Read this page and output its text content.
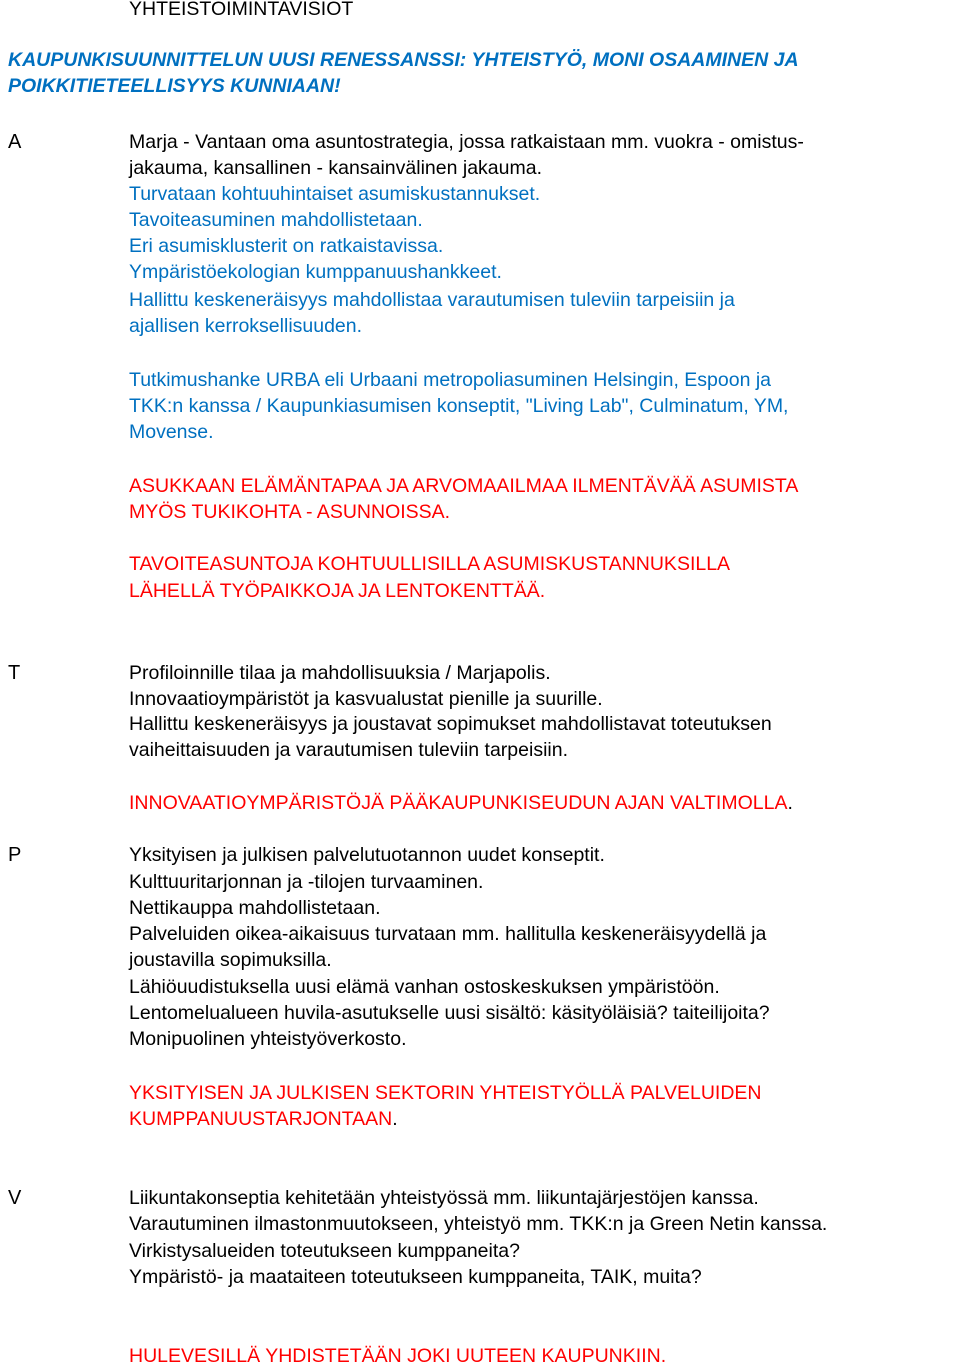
YHTEISTOIMINTAVISIOT
KAUPUNKISUUNNITTELUN UUSI RENESSANSSI: YHTEISTYÖ, MONI OSAAMINEN JA
POIKKITIETEELLISYYS KUNNIAAN!
A	Marja - Vantaan oma asuntostrategia, jossa ratkaistaan mm. vuokra - omistus-
jakauma, kansallinen - kansainvälinen jakauma.
Turvataan kohtuuhintaiset asumiskustannukset.
Tavoiteasuminen mahdollistetaan.
Eri asumisklusterit on ratkaistavissa.
Ympäristöekologian kumppanuushankkeet.
Hallittu keskeneräisyys mahdollistaa varautumisen tuleviin tarpeisiin ja
ajallisen kerroksellisuuden.
Tutkimushanke URBA eli Urbaani metropoliasuminen Helsingin, Espoon ja
TKK:n kanssa / Kaupunkiasumisen konseptit, "Living Lab", Culminatum, YM,
Movense.
ASUKKAAN ELÄMÄNTAPAA JA ARVOMAAILMAA ILMENTÄVÄÄ ASUMISTA
MYÖS TUKIKOHTA - ASUNNOISSA.
TAVOITEASUNTOJA KOHTUULLISILLA ASUMISKUSTANNUKSILLA
LÄHELLÄ TYÖPAIKKOJA JA LENTOKENTTÄÄ.
T	Profiloinnille tilaa ja mahdollisuuksia / Marjapolis.
Innovaatioympäristöt ja kasvualustat pienille ja suurille.
Hallittu keskeneräisyys ja joustavat sopimukset mahdollistavat toteutuksen
vaiheittaisuuden ja varautumisen tuleviin tarpeisiin.
INNOVAATIOYMPÄRISTÖJÄ PÄÄKAUPUNKISEUDUN AJAN VALTIMOLLA.
P	Yksityisen ja julkisen palvelutuotannon uudet konseptit.
Kulttuuritarjonnan ja -tilojen turvaaminen.
Nettikauppa mahdollistetaan.
Palveluiden oikea-aikaisuus turvataan mm. hallitulla keskeneräisyydellä ja
joustavilla sopimuksilla.
Lähiöuudistuksella uusi elämä vanhan ostoskeskuksen ympäristöön.
Lentomelualueen huvila-asutukselle uusi sisältö: käsityöläisiä? taiteilijoita?
Monipuolinen yhteistyöverkosto.
YKSITYISEN JA JULKISEN SEKTORIN YHTEISTYÖLLÄ PALVELUIDEN
KUMPPANUUSTARJONTAAN.
V	Liikuntakonseptia kehitetään yhteistyössä mm. liikuntajärjestöjen kanssa.
Varautuminen ilmastonmuutokseen, yhteistyö mm. TKK:n ja Green Netin kanssa.
Virkistysalueiden toteutukseen kumppaneita?
Ympäristö- ja maataiteen toteutukseen kumppaneita, TAIK, muita?
HULEVESILLÄ YHDISTETÄÄN JOKI UUTEEN KAUPUNKIIN.
